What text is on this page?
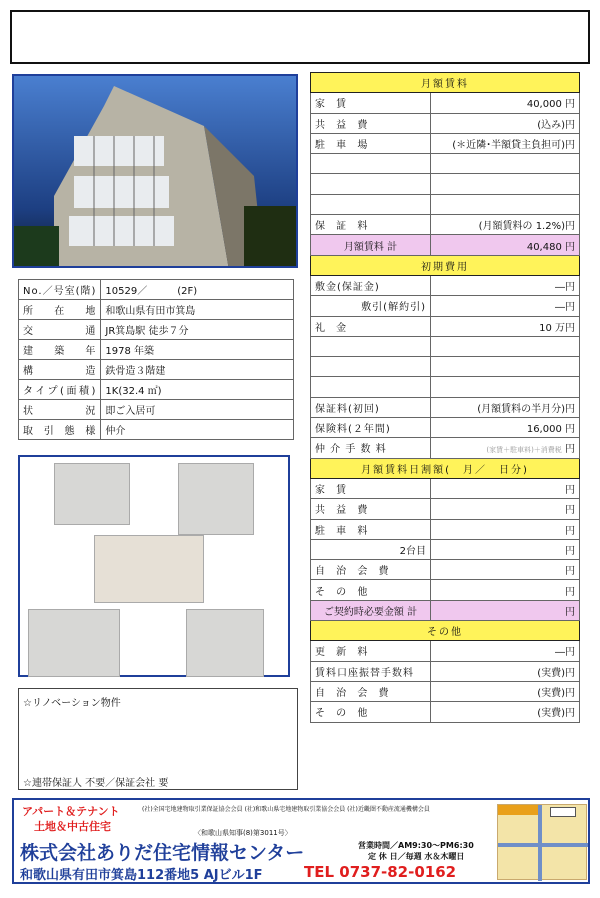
No.／号室(階)	10529／　　　(2F)
所 在 地	和歌山県有田市箕島
交 通	JR箕島駅 徒歩７分
建 築 年	1978 年築
構 造	鉄骨造３階建
タイプ(面積)	1K(32.4 ㎡)
状 況	即ご入居可
取 引 態 様	仲介
月額賃料	
家 賃	40,000 円
共 益 費	(込み)円
駐 車 場	(＊近隣･半額貸主負担可)円

保 証 料	(月額賃料の 1.2%)円
月額賃料 計	40,480 円
初期費用	
敷金(保証金)	―円
敷引(解約引)	―円
礼 金	10 万円

保証料(初回)	(月額賃料の半月分)円
保険料(２年間)	16,000 円
仲 介 手 数 料	(家賃＋駐車料)＋消費税 円
月額賃料日割額(　月／　日分)	
家 賃	円
共 益 費	円
駐 車 料	円
2台目	円
自 治 会 費	円
そ の 他	円
ご契約時必要金額 計	円
その他	
更 新 料	―円
賃料口座振替手数料	(実費)円
自 治 会 費	(実費)円
そ の 他	(実費)円
☆リノベーション物件
☆連帯保証人 不要／保証会社 要
アパート＆テナント
土地＆中古住宅
(社)全国宅地建物取引業保証協会会員 (社)和歌山県宅地建物取引業協会会員 (社)近畿圏不動産流通機構会員
〈和歌山県知事(8)第3011号〉
株式会社ありだ住宅情報センター	営業時間／AM9:30～PM6:30
定 休 日／毎週 水＆木曜日
和歌山県有田市箕島112番地5 AJビル1F	TEL 0737-82-0162
